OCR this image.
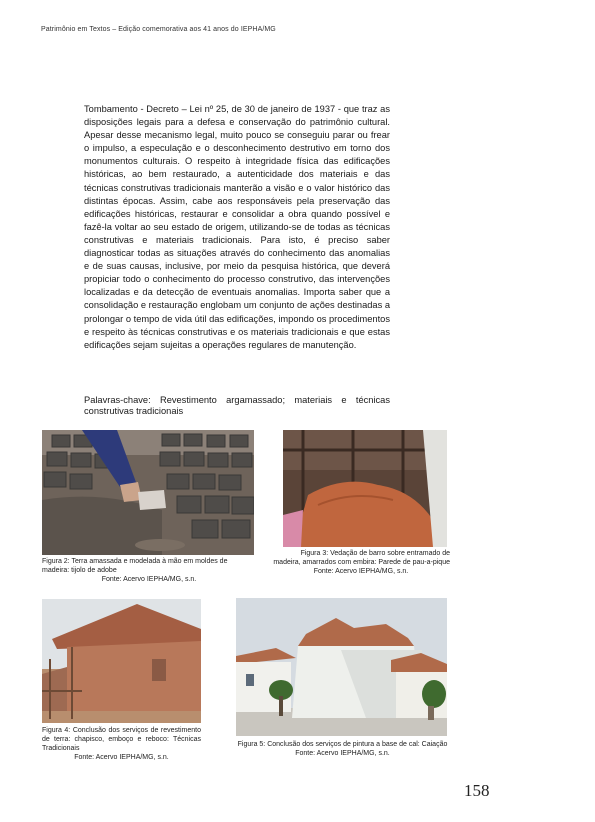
Patrimônio em Textos – Edição comemorativa aos 41 anos do IEPHA/MG

Tombamento - Decreto – Lei nº 25, de 30 de janeiro de 1937 - que traz as disposições legais para a defesa e conservação do patrimônio cultural. Apesar desse mecanismo legal, muito pouco se conseguiu parar ou frear o impulso, a especulação e o desconhecimento destrutivo em torno dos monumentos culturais. O respeito à integridade física das edificações históricas, ao bem restaurado, a autenticidade dos materiais e das técnicas construtivas tradicionais manterão a visão e o valor histórico das distintas épocas. Assim, cabe aos responsáveis pela preservação das edificações históricas, restaurar e consolidar a obra quando possível e fazê-la voltar ao seu estado de origem, utilizando-se de todas as técnicas construtivas e materiais tradicionais. Para isto, é preciso saber diagnosticar todas as situações através do conhecimento das anomalias e de suas causas, inclusive, por meio da pesquisa histórica, que deverá propiciar todo o conhecimento do processo construtivo, das intervenções localizadas e da detecção de eventuais anomalias. Importa saber que a consolidação e restauração englobam um conjunto de ações destinadas a prolongar o tempo de vida útil das edificações, impondo os procedimentos e respeito às técnicas construtivas e os materiais tradicionais e que estas edificações sejam sujeitas a operações regulares de manutenção.

Palavras-chave: Revestimento argamassado; materiais e técnicas construtivas tradicionais

Figura 2: Terra amassada e modelada à mão em moldes de madeira: tijolo de adobe
Fonte: Acervo IEPHA/MG, s.n.
Figura 3: Vedação de barro sobre entramado de madeira, amarrados com embira: Parede de pau-a-pique
Fonte: Acervo IEPHA/MG, s.n.
Figura 4: Conclusão dos serviços de revestimento de terra: chapisco, emboço e reboco: Técnicas Tradicionais
Fonte: Acervo IEPHA/MG, s.n.
Figura 5: Conclusão dos serviços de pintura a base de cal: Caiação
Fonte: Acervo IEPHA/MG, s.n.
158
